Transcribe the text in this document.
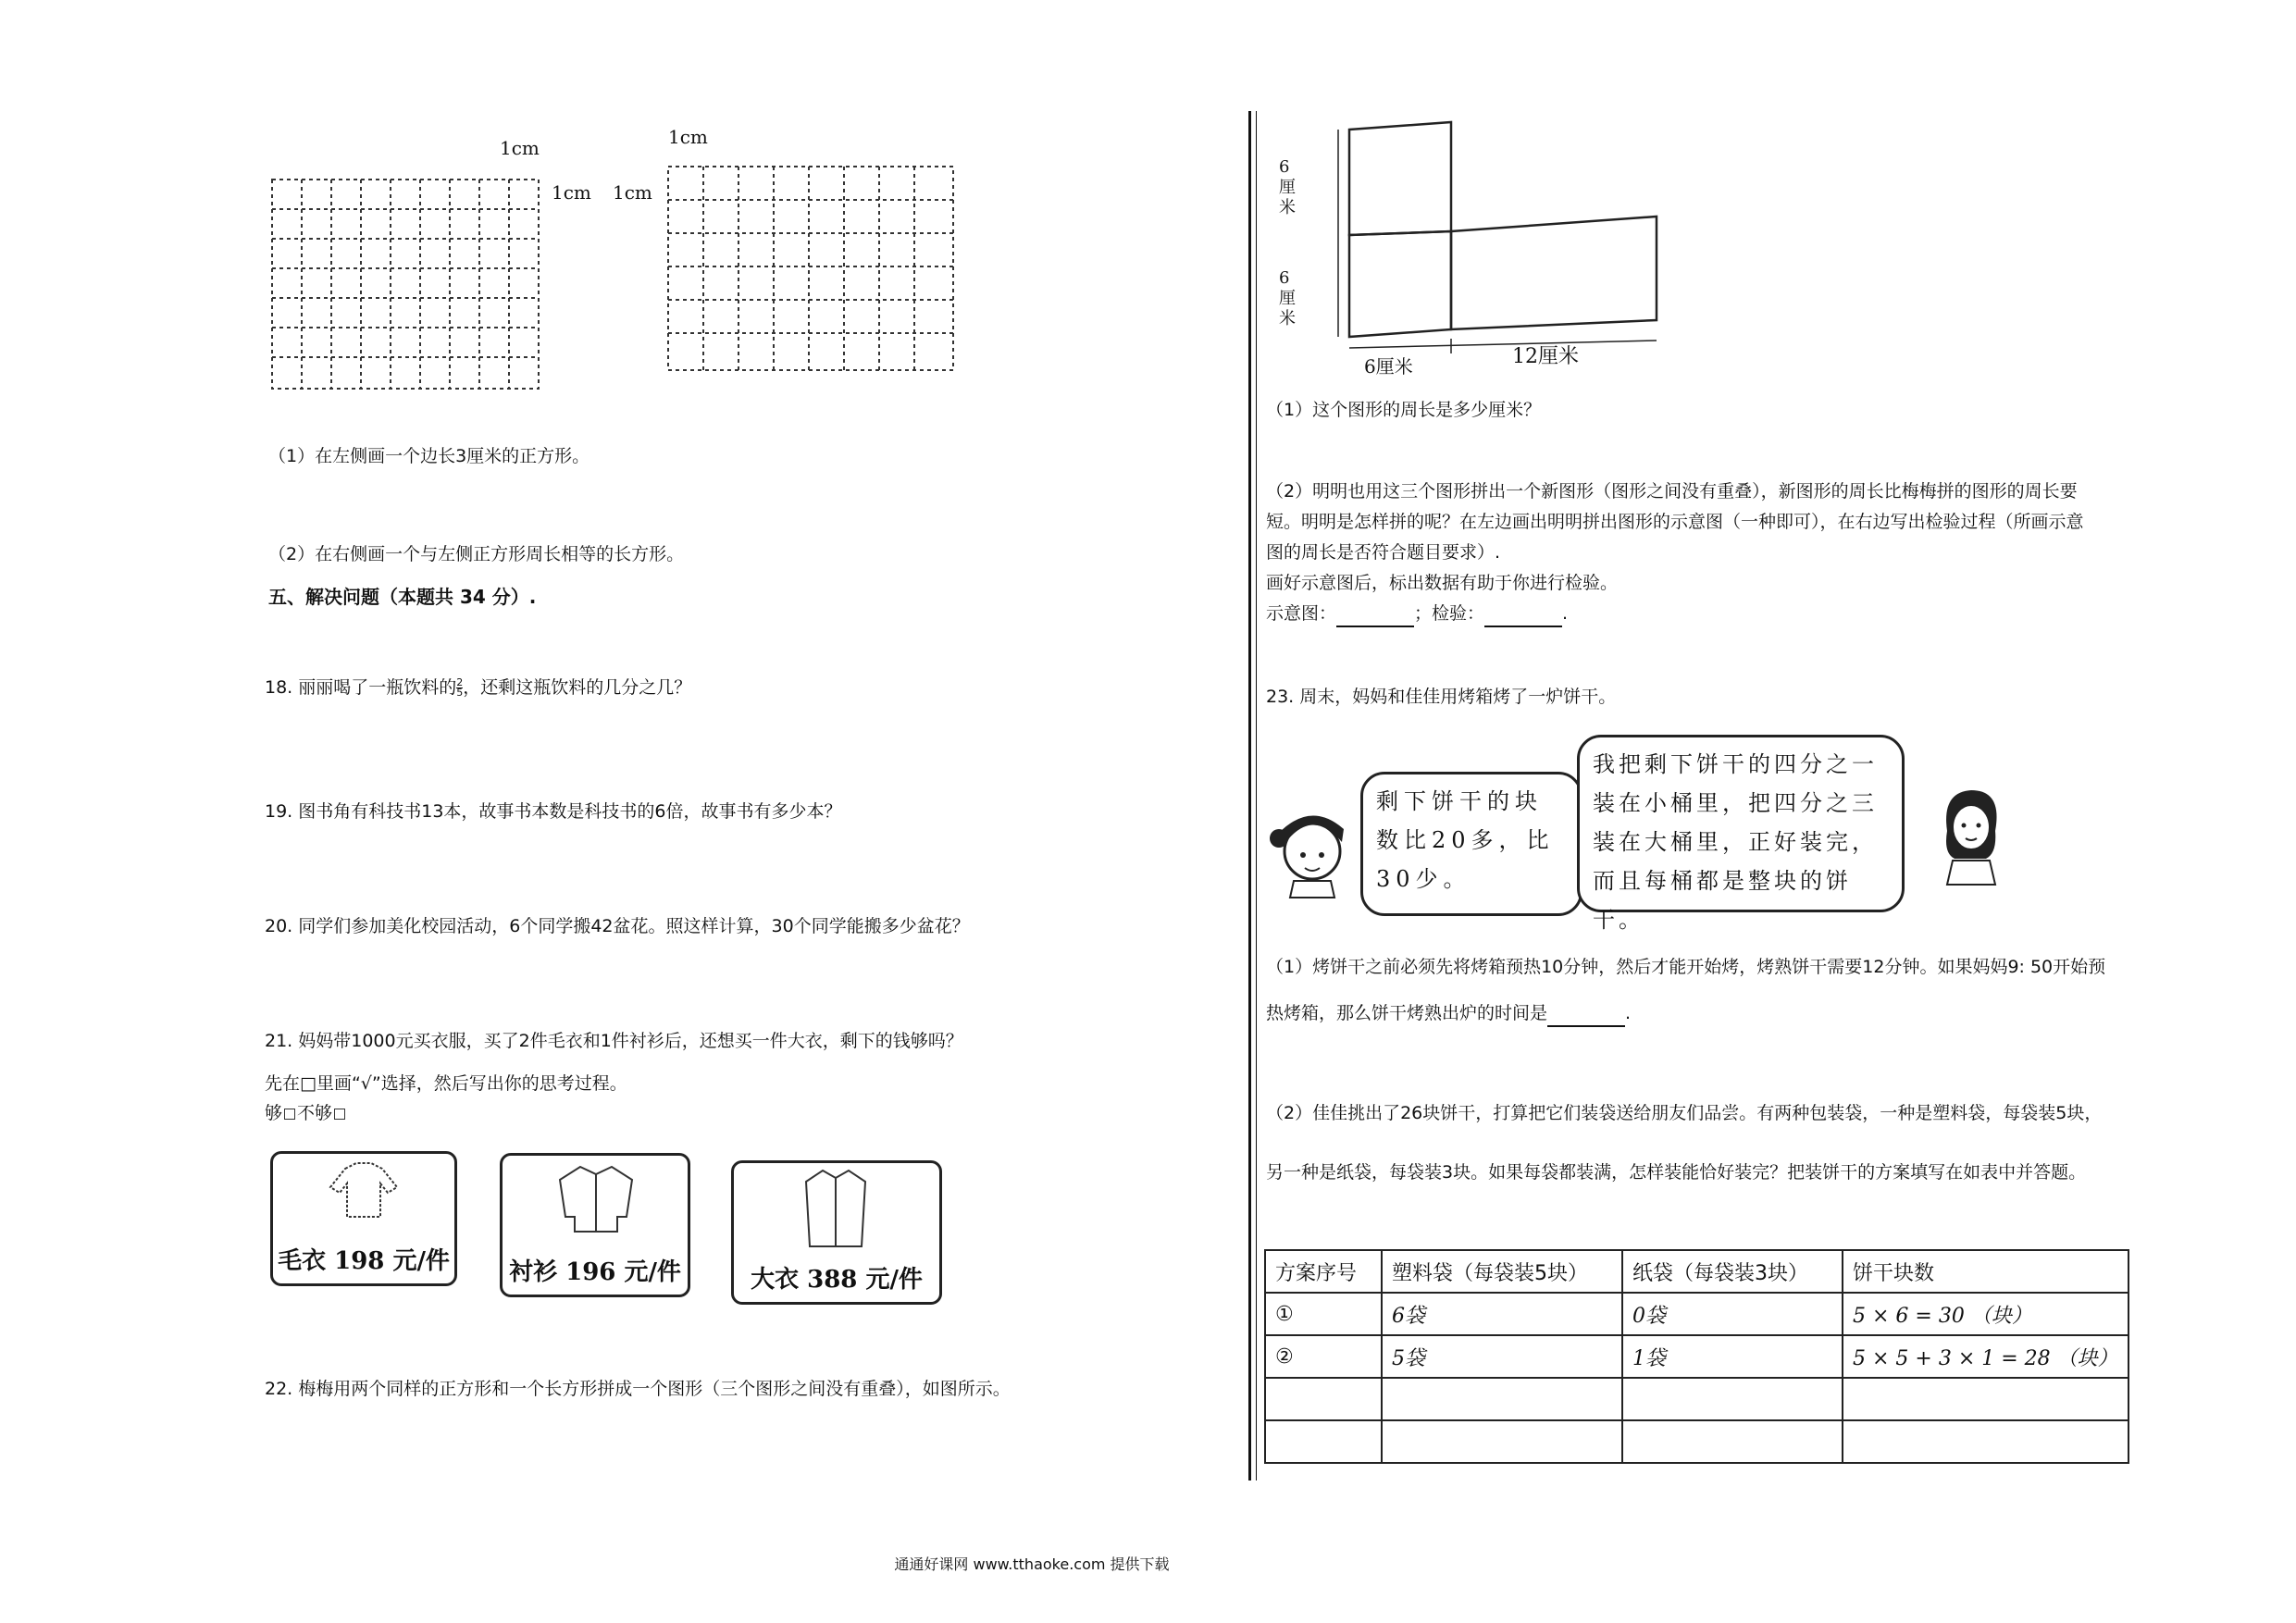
1cm
1cm
1cm
1cm
（1）在左侧画一个边长3厘米的正方形。
（2）在右侧画一个与左侧正方形周长相等的长方形。
五、解决问题（本题共 34 分）.
18. 丽丽喝了一瓶饮料的 $\frac{2}{5}$ ，还剩这瓶饮料的几分之几？
19. 图书角有科技书13本，故事书本数是科技书的6倍，故事书有多少本？
20. 同学们参加美化校园活动，6个同学搬42盆花。照这样计算，30个同学能搬多少盆花？
21. 妈妈带1000元买衣服，买了2件毛衣和1件衬衫后，还想买一件大衣，剩下的钱够吗？
先在□里画“√”选择，然后写出你的思考过程。
够 不够
毛衣 198 元/件 衬衫 196 元/件	大衣 388 元/件
22. 梅梅用两个同样的正方形和一个长方形拼成一个图形（三个图形之间没有重叠），如图所示。
6厘米
6厘米
6厘米	12厘米
（1）这个图形的周长是多少厘米？
（2）明明也用这三个图形拼出一个新图形（图形之间没有重叠），新图形的周长比梅梅拼的图形的周长要
短。明明是怎样拼的呢？在左边画出明明拼出图形的示意图（一种即可），在右边写出检验过程（所画示意
图的周长是否符合题目要求）.
画好示意图后，标出数据有助于你进行检验。
示意图：	；检验：	.
23. 周末，妈妈和佳佳用烤箱烤了一炉饼干。
剩下饼干的块数比20多，比30少。
我把剩下饼干的四分之一装在小桶里，把四分之三装在大桶里，正好装完，而且每桶都是整块的饼干。
（1）烤饼干之前必须先将烤箱预热10分钟，然后才能开始烤，烤熟饼干需要12分钟。如果妈妈9: 50开始预
热烤箱，那么饼干烤熟出炉的时间是	.
（2）佳佳挑出了26块饼干，打算把它们装袋送给朋友们品尝。有两种包装袋，一种是塑料袋，每袋装5块，
另一种是纸袋，每袋装3块。如果每袋都装满，怎样装能恰好装完？把装饼干的方案填写在如表中并答题。
方案序号	塑料袋（每袋装5块）	纸袋（每袋装3块）	饼干块数
①	6袋	0袋	5 × 6 = 30 （块）
②	5袋	1袋	5 × 5 + 3 × 1 = 28 （块）

通通好课网 www.tthaoke.com 提供下载
